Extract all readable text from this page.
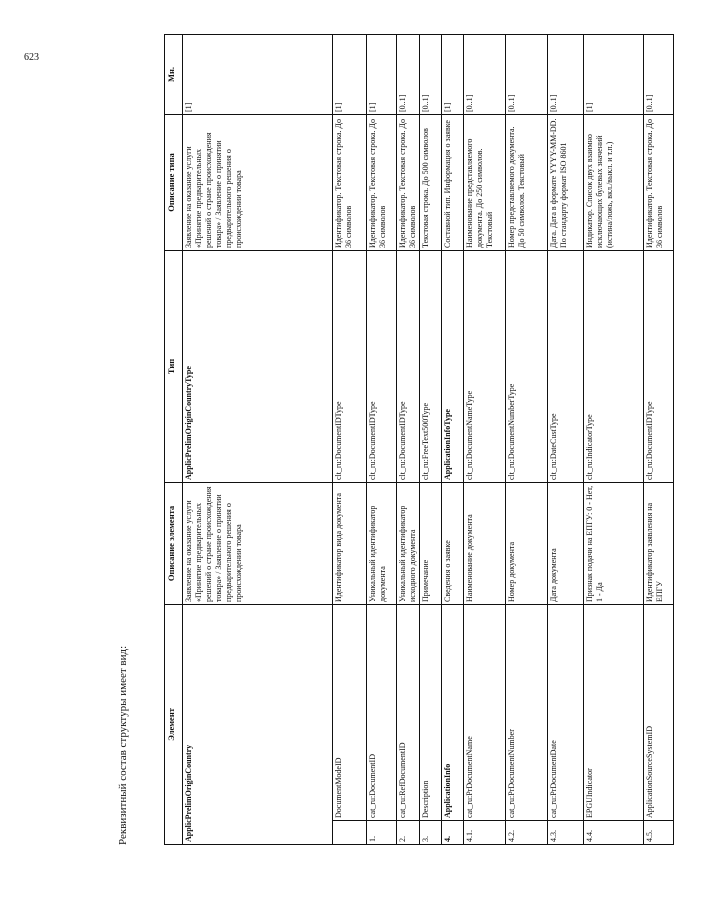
623
Реквизитный состав структуры имеет вид:	Элемент		Описание элемента	Тип	Описание типа	Мн.
ApplicPrelimOriginCountry		Заявление на оказание услуги «Принятие предварительных решений о стране происхождения товара» / Заявление о принятии предварительного решения о происхождении товара	ApplicPrelimOriginCountryType	Заявление на оказание услуги «Принятие предварительных решений о стране происхождения товара» / Заявление о принятии предварительного решения о происхождении товара	[1]
	DocumentModeID	Идентификатор вида документа	clt_ru:DocumentIDType	Идентификатор. Текстовая строка. До 36 символов	[1]
1.	cat_ru:DocumentID	Уникальный идентификатор документа	clt_ru:DocumentIDType	Идентификатор. Текстовая строка. До 36 символов	[1]
2.	cat_ru:RefDocumentID	Уникальный идентификатор исходного документа	clt_ru:DocumentIDType	Идентификатор. Текстовая строка. До 36 символов	[0..1]
3.	Description	Примечание	clt_ru:FreeText500Type	Текстовая строка. До 500 символов	[0..1]
4.	ApplicationInfo	Сведения о заявке	ApplicationInfoType	Составной тип. Информация о заявке	[1]
4.1.	cat_ru:PrDocumentName	Наименование документа	clt_ru:DocumentNameType	Наименование представляемого документа. До 250 символов. Текстовый	[0..1]
4.2.	cat_ru:PrDocumentNumber	Номер документа	clt_ru:DocumentNumberType	Номер представляемого документа. До 50 символов. Текстовый	[0..1]
4.3.	cat_ru:PrDocumentDate	Дата документа	clt_ru:DateCustType	Дата. Дата в формате YYYY-MM-DD. По стандарту формат ISO 8601	[0..1]
4.4.	EPGUIndicator	Признак подачи на ЕПГУ: 0 - Нет, 1 - Да	clt_ru:IndicatorType	Индикатор. Список двух взаимно исключающих булевых значений (истина/ложь, вкл./выкл. и т.п.)	[1]
4.5.	ApplicationSourceSystemID	Идентификатор заявления на ЕПГУ	clt_ru:DocumentIDType	Идентификатор. Текстовая строка. До 36 символов	[0..1]
